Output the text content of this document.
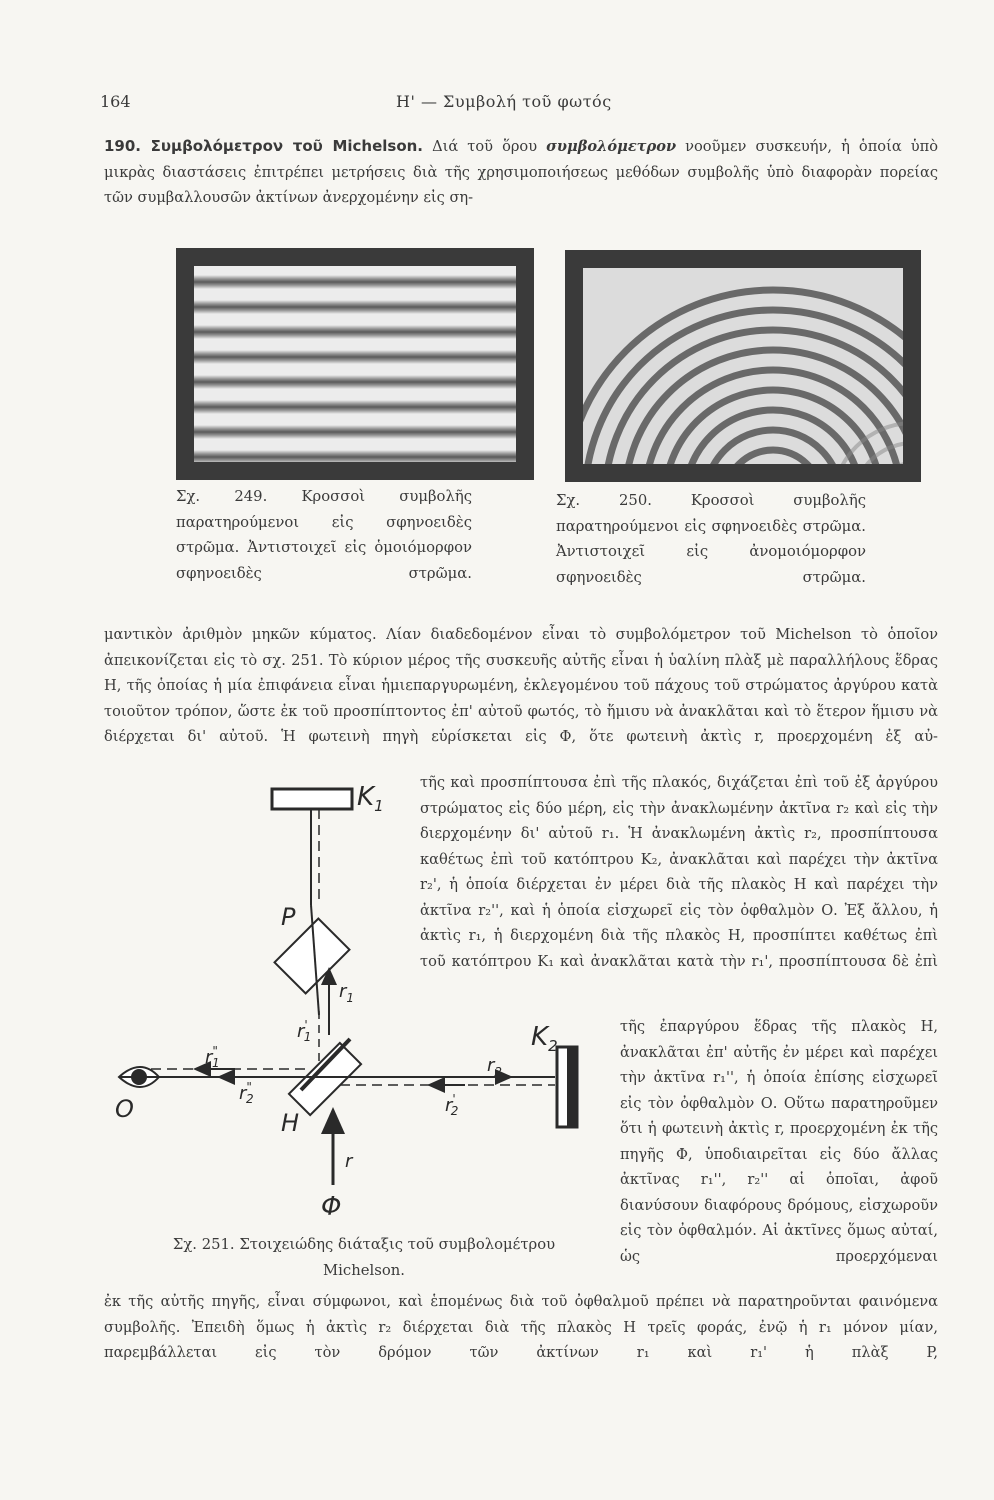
164	Η' — Συμβολή τοῦ φωτός

190. Συμβολόμετρον τοῦ Michelson. Διά τοῦ ὅρου συμβολόμετρον νοοῦμεν συσκευήν, ἡ ὁποία ὑπὸ μικρὰς διαστάσεις ἐπιτρέπει μετρήσεις διὰ τῆς χρησιμοποιήσεως μεθόδων συμβολῆς ὑπὸ διαφορὰν πορείας τῶν συμβαλλουσῶν ἀκτίνων ἀνερχομένην εἰς ση-

Σχ. 249. Κροσσοὶ συμβολῆς παρατηρούμενοι εἰς σφηνοειδὲς στρῶμα. Ἀντιστοιχεῖ εἰς ὁμοιόμορφον σφηνοειδὲς στρῶμα.

Σχ. 250. Κροσσοὶ συμβολῆς παρατηρούμενοι εἰς σφηνοειδὲς στρῶμα. Ἀντιστοιχεῖ εἰς ἀνομοιόμορφον σφηνοειδὲς στρῶμα.

μαντικὸν ἀριθμὸν μηκῶν κύματος. Λίαν διαδεδομένον εἶναι τὸ συμβολόμετρον τοῦ Michelson τὸ ὁποῖον ἀπεικονίζεται εἰς τὸ σχ. 251. Τὸ κύριον μέρος τῆς συσκευῆς αὐτῆς εἶναι ἡ ὑαλίνη πλὰξ μὲ παραλλήλους ἕδρας Η, τῆς ὁποίας ἡ μία ἐπιφάνεια εἶναι ἡμιεπαργυρωμένη, ἐκλεγομένου τοῦ πάχους τοῦ στρώματος ἀργύρου κατὰ τοιοῦτον τρόπον, ὥστε ἐκ τοῦ προσπίπτοντος ἐπ' αὐτοῦ φωτός, τὸ ἥμισυ νὰ ἀνακλᾶται καὶ τὸ ἕτερον ἥμισυ νὰ διέρχεται δι' αὐτοῦ. Ἡ φωτεινὴ πηγὴ εὑρίσκεται εἰς Φ, ὅτε φωτεινὴ ἀκτὶς r, προερχομένη ἐξ αὐ-

$K_1$
P
$r_1$
r' 1
H
r" 1
r" 2
$r_2$
r' 2
$K_2$
O
r
Φ

τῆς καὶ προσπίπτουσα ἐπὶ τῆς πλακός, διχάζεται ἐπὶ τοῦ ἐξ ἀργύρου στρώματος εἰς δύο μέρη, εἰς τὴν ἀνακλωμένην ἀκτῖνα r₂ καὶ εἰς τὴν διερχομένην δι' αὐτοῦ r₁. Ἡ ἀνακλωμένη ἀκτὶς r₂, προσπίπτουσα καθέτως ἐπὶ τοῦ κατόπτρου K₂, ἀνακλᾶται καὶ παρέχει τὴν ἀκτῖνα r₂', ἡ ὁποία διέρχεται ἐν μέρει διὰ τῆς πλακὸς Η καὶ παρέχει τὴν ἀκτῖνα r₂'', καὶ ἡ ὁποία εἰσχωρεῖ εἰς τὸν ὀφθαλμὸν Ο. Ἐξ ἄλλου, ἡ ἀκτὶς r₁, ἡ διερχομένη διὰ τῆς πλακὸς Η, προσπίπτει καθέτως ἐπὶ τοῦ κατόπτρου K₁ καὶ ἀνακλᾶται κατὰ τὴν r₁', προσπίπτουσα δὲ ἐπὶ

τῆς ἐπαργύρου ἕδρας τῆς πλακὸς Η, ἀνακλᾶται ἐπ' αὐτῆς ἐν μέρει καὶ παρέχει τὴν ἀκτῖνα r₁'', ἡ ὁποία ἐπίσης εἰσχωρεῖ εἰς τὸν ὀφθαλμὸν Ο. Οὕτω παρατηροῦμεν ὅτι ἡ φωτεινὴ ἀκτὶς r, προερχομένη ἐκ τῆς πηγῆς Φ, ὑποδιαιρεῖται εἰς δύο ἄλλας ἀκτῖνας r₁'', r₂'' αἱ ὁποῖαι, ἀφοῦ διανύσουν διαφόρους δρόμους, εἰσχωροῦν εἰς τὸν ὀφθαλμόν. Αἱ ἀκτῖνες ὅμως αὐταί, ὡς προερχόμεναι

Σχ. 251. Στοιχειώδης διάταξις τοῦ συμβολομέτρου
Michelson.

ἐκ τῆς αὐτῆς πηγῆς, εἶναι σύμφωνοι, καὶ ἑπομένως διὰ τοῦ ὀφθαλμοῦ πρέπει νὰ παρατηροῦνται φαινόμενα συμβολῆς. Ἐπειδὴ ὅμως ἡ ἀκτὶς r₂ διέρχεται διὰ τῆς πλακὸς Η τρεῖς φοράς, ἐνῷ ἡ r₁ μόνον μίαν, παρεμβάλλεται εἰς τὸν δρόμον τῶν ἀκτίνων r₁ καὶ r₁' ἡ πλὰξ P,
